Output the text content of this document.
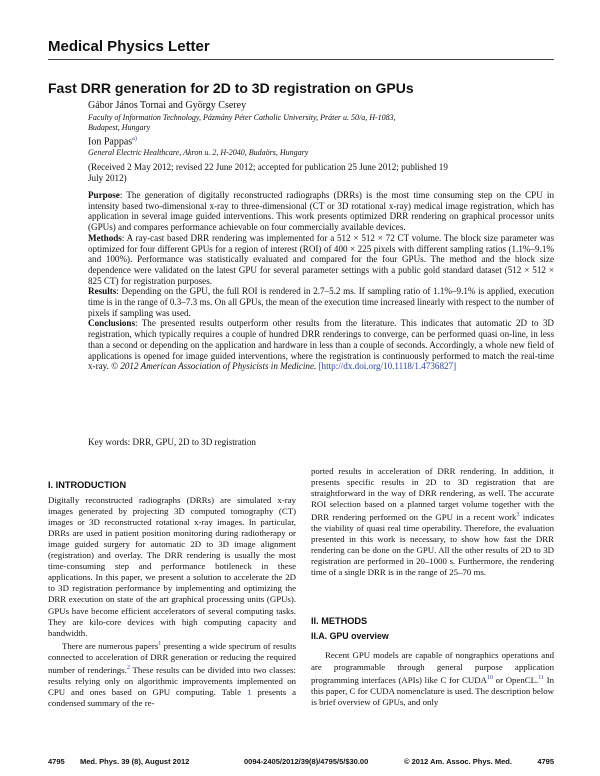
Medical Physics Letter
Fast DRR generation for 2D to 3D registration on GPUs
Gábor János Tornai and György Cserey
Faculty of Information Technology, Pázmány Péter Catholic University, Práter u. 50/a, H-1083,
Budapest, Hungary
Ion Pappas$^{a)}$
General Electric Healthcare, Akron u. 2, H-2040, Budaörs, Hungary
(Received 2 May 2012; revised 22 June 2012; accepted for publication 25 June 2012; published 19
July 2012)
Purpose: The generation of digitally reconstructed radiographs (DRRs) is the most time consuming step on the CPU in intensity based two-dimensional x-ray to three-dimensional (CT or 3D rotational x-ray) medical image registration, which has application in several image guided interventions. This work presents optimized DRR rendering on graphical processor units (GPUs) and compares performance achievable on four commercially available devices.
Methods: A ray-cast based DRR rendering was implemented for a 512 × 512 × 72 CT volume. The block size parameter was optimized for four different GPUs for a region of interest (ROI) of 400 × 225 pixels with different sampling ratios (1.1%–9.1% and 100%). Performance was statistically evaluated and compared for the four GPUs. The method and the block size dependence were validated on the latest GPU for several parameter settings with a public gold standard dataset (512 × 512 × 825 CT) for registration purposes.
Results: Depending on the GPU, the full ROI is rendered in 2.7–5.2 ms. If sampling ratio of 1.1%–9.1% is applied, execution time is in the range of 0.3–7.3 ms. On all GPUs, the mean of the execution time increased linearly with respect to the number of pixels if sampling was used.
Conclusions: The presented results outperform other results from the literature. This indicates that automatic 2D to 3D registration, which typically requires a couple of hundred DRR renderings to converge, can be performed quasi on-line, in less than a second or depending on the application and hardware in less than a couple of seconds. Accordingly, a whole new field of applications is opened for image guided interventions, where the registration is continuously performed to match the real-time x-ray. © 2012 American Association of Physicists in Medicine. [http://dx.doi.org/10.1118/1.4736827]
Key words: DRR, GPU, 2D to 3D registration
I. INTRODUCTION

Digitally reconstructed radiographs (DRRs) are simulated x-ray images generated by projecting 3D computed tomography (CT) images or 3D reconstructed rotational x-ray images. In particular, DRRs are used in patient position monitoring during radiotherapy or image guided surgery for automatic 2D to 3D image alignment (registration) and overlay. The DRR rendering is usually the most time-consuming step and performance bottleneck in these applications. In this paper, we present a solution to accelerate the 2D to 3D registration performance by implementing and optimizing the DRR execution on state of the art graphical processing units (GPUs). GPUs have become efficient accelerators of several computing tasks. They are kilo-core devices with high computing capacity and bandwidth.

There are numerous papers$^1$ presenting a wide spectrum of results connected to acceleration of DRR generation or reducing the required number of renderings.$^2$ These results can be divided into two classes: results relying only on algorithmic improvements implemented on CPU and ones based on GPU computing. Table 1 presents a condensed summary of the re-

ported results in acceleration of DRR rendering. In addition, it presents specific results in 2D to 3D registration that are straightforward in the way of DRR rendering, as well. The accurate ROI selection based on a planned target volume together with the DRR rendering performed on the GPU in a recent work$^3$ indicates the viability of quasi real time operability. Therefore, the evaluation presented in this work is necessary, to show how fast the DRR rendering can be done on the GPU. All the other results of 2D to 3D registration are performed in 20–1000 s. Furthermore, the rendering time of a single DRR is in the range of 25–70 ms.

II. METHODS
II.A. GPU overview

Recent GPU models are capable of nongraphics operations and are programmable through general purpose application programming interfaces (APIs) like C for CUDA$^{10}$ or OpenCL.$^{11}$ In this paper, C for CUDA nomenclature is used. The description below is brief overview of GPUs, and only

4795 Med. Phys. 39 (8), August 2012	0094-2405/2012/39(8)/4795/5/$30.00	© 2012 Am. Assoc. Phys. Med.	4795
